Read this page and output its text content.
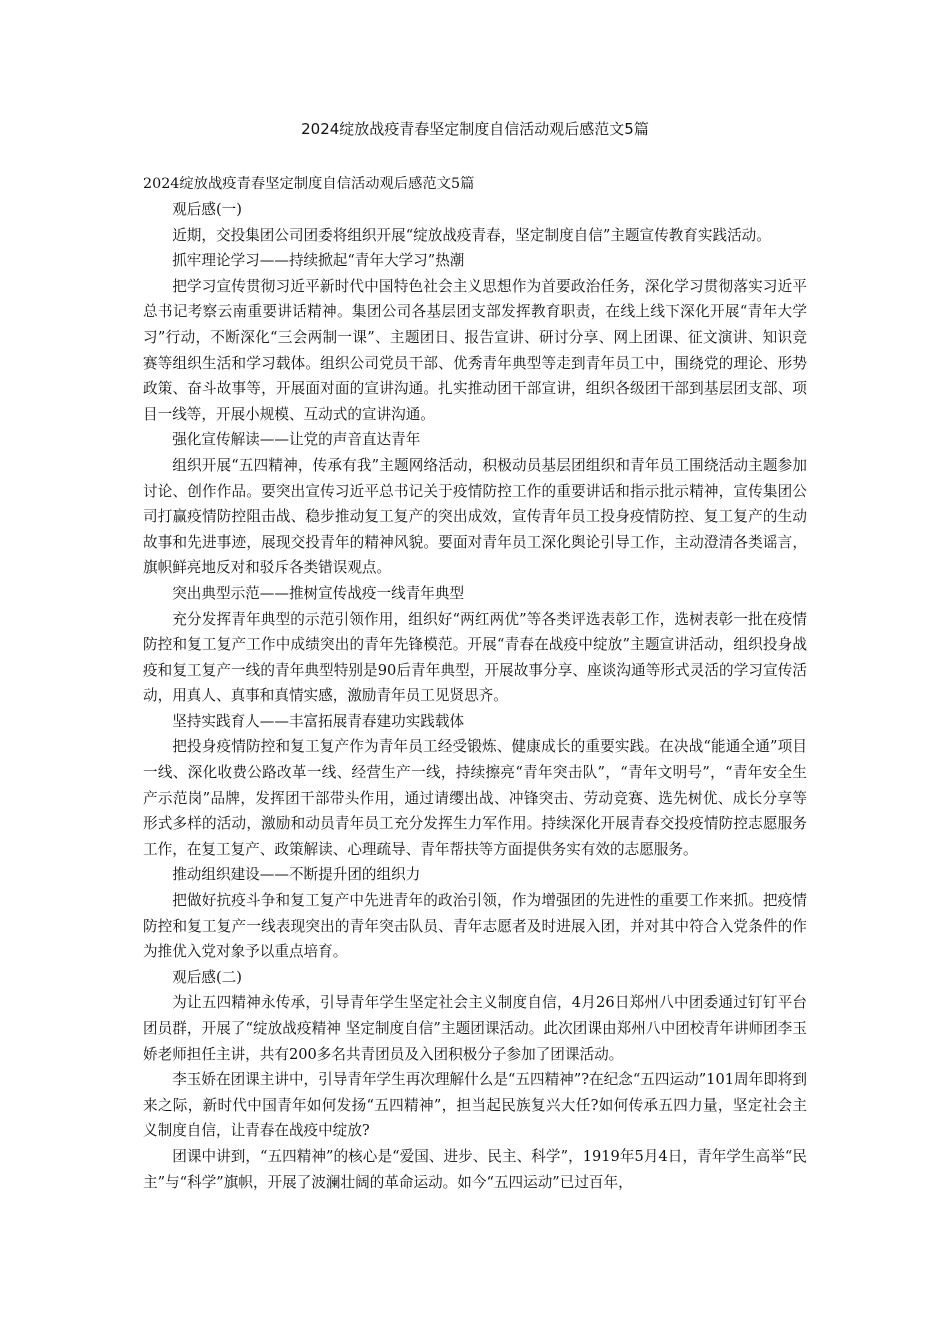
2024绽放战疫青春坚定制度自信活动观后感范文5篇
2024绽放战疫青春坚定制度自信活动观后感范文5篇

观后感(一)

近期，交投集团公司团委将组织开展“绽放战疫青春，坚定制度自信”主题宣传教育实践活动。

抓牢理论学习——持续掀起“青年大学习”热潮

把学习宣传贯彻习近平新时代中国特色社会主义思想作为首要政治任务，深化学习贯彻落实习近平总书记考察云南重要讲话精神。集团公司各基层团支部发挥教育职责，在线上线下深化开展“青年大学习”行动，不断深化“三会两制一课”、主题团日、报告宣讲、研讨分享、网上团课、征文演讲、知识竞赛等组织生活和学习载体。组织公司党员干部、优秀青年典型等走到青年员工中，围绕党的理论、形势政策、奋斗故事等，开展面对面的宣讲沟通。扎实推动团干部宣讲，组织各级团干部到基层团支部、项目一线等，开展小规模、互动式的宣讲沟通。

强化宣传解读——让党的声音直达青年

组织开展“五四精神，传承有我”主题网络活动，积极动员基层团组织和青年员工围绕活动主题参加讨论、创作作品。要突出宣传习近平总书记关于疫情防控工作的重要讲话和指示批示精神，宣传集团公司打赢疫情防控阻击战、稳步推动复工复产的突出成效，宣传青年员工投身疫情防控、复工复产的生动故事和先进事迹，展现交投青年的精神风貌。要面对青年员工深化舆论引导工作，主动澄清各类谣言，旗帜鲜亮地反对和驳斥各类错误观点。

突出典型示范——推树宣传战疫一线青年典型

充分发挥青年典型的示范引领作用，组织好“两红两优”等各类评选表彰工作，选树表彰一批在疫情防控和复工复产工作中成绩突出的青年先锋模范。开展“青春在战疫中绽放”主题宣讲活动，组织投身战疫和复工复产一线的青年典型特别是90后青年典型，开展故事分享、座谈沟通等形式灵活的学习宣传活动，用真人、真事和真情实感，激励青年员工见贤思齐。

坚持实践育人——丰富拓展青春建功实践载体

把投身疫情防控和复工复产作为青年员工经受锻炼、健康成长的重要实践。在决战“能通全通”项目一线、深化收费公路改革一线、经营生产一线，持续擦亮“青年突击队”，“青年文明号”，“青年安全生产示范岗”品牌，发挥团干部带头作用，通过请缨出战、冲锋突击、劳动竞赛、选先树优、成长分享等形式多样的活动，激励和动员青年员工充分发挥生力军作用。持续深化开展青春交投疫情防控志愿服务工作，在复工复产、政策解读、心理疏导、青年帮扶等方面提供务实有效的志愿服务。

推动组织建设——不断提升团的组织力

把做好抗疫斗争和复工复产中先进青年的政治引领，作为增强团的先进性的重要工作来抓。把疫情防控和复工复产一线表现突出的青年突击队员、青年志愿者及时进展入团，并对其中符合入党条件的作为推优入党对象予以重点培育。

观后感(二)

为让五四精神永传承，引导青年学生坚定社会主义制度自信，4月26日郑州八中团委通过钉钉平台团员群，开展了“绽放战疫精神 坚定制度自信”主题团课活动。此次团课由郑州八中团校青年讲师团李玉娇老师担任主讲，共有200多名共青团员及入团积极分子参加了团课活动。

李玉娇在团课主讲中，引导青年学生再次理解什么是“五四精神”?在纪念“五四运动”101周年即将到来之际，新时代中国青年如何发扬“五四精神”，担当起民族复兴大任?如何传承五四力量，坚定社会主义制度自信，让青春在战疫中绽放?

团课中讲到，“五四精神”的核心是“爱国、进步、民主、科学”，1919年5月4日，青年学生高举“民主”与“科学”旗帜，开展了波澜壮阔的革命运动。如今“五四运动”已过百年，
